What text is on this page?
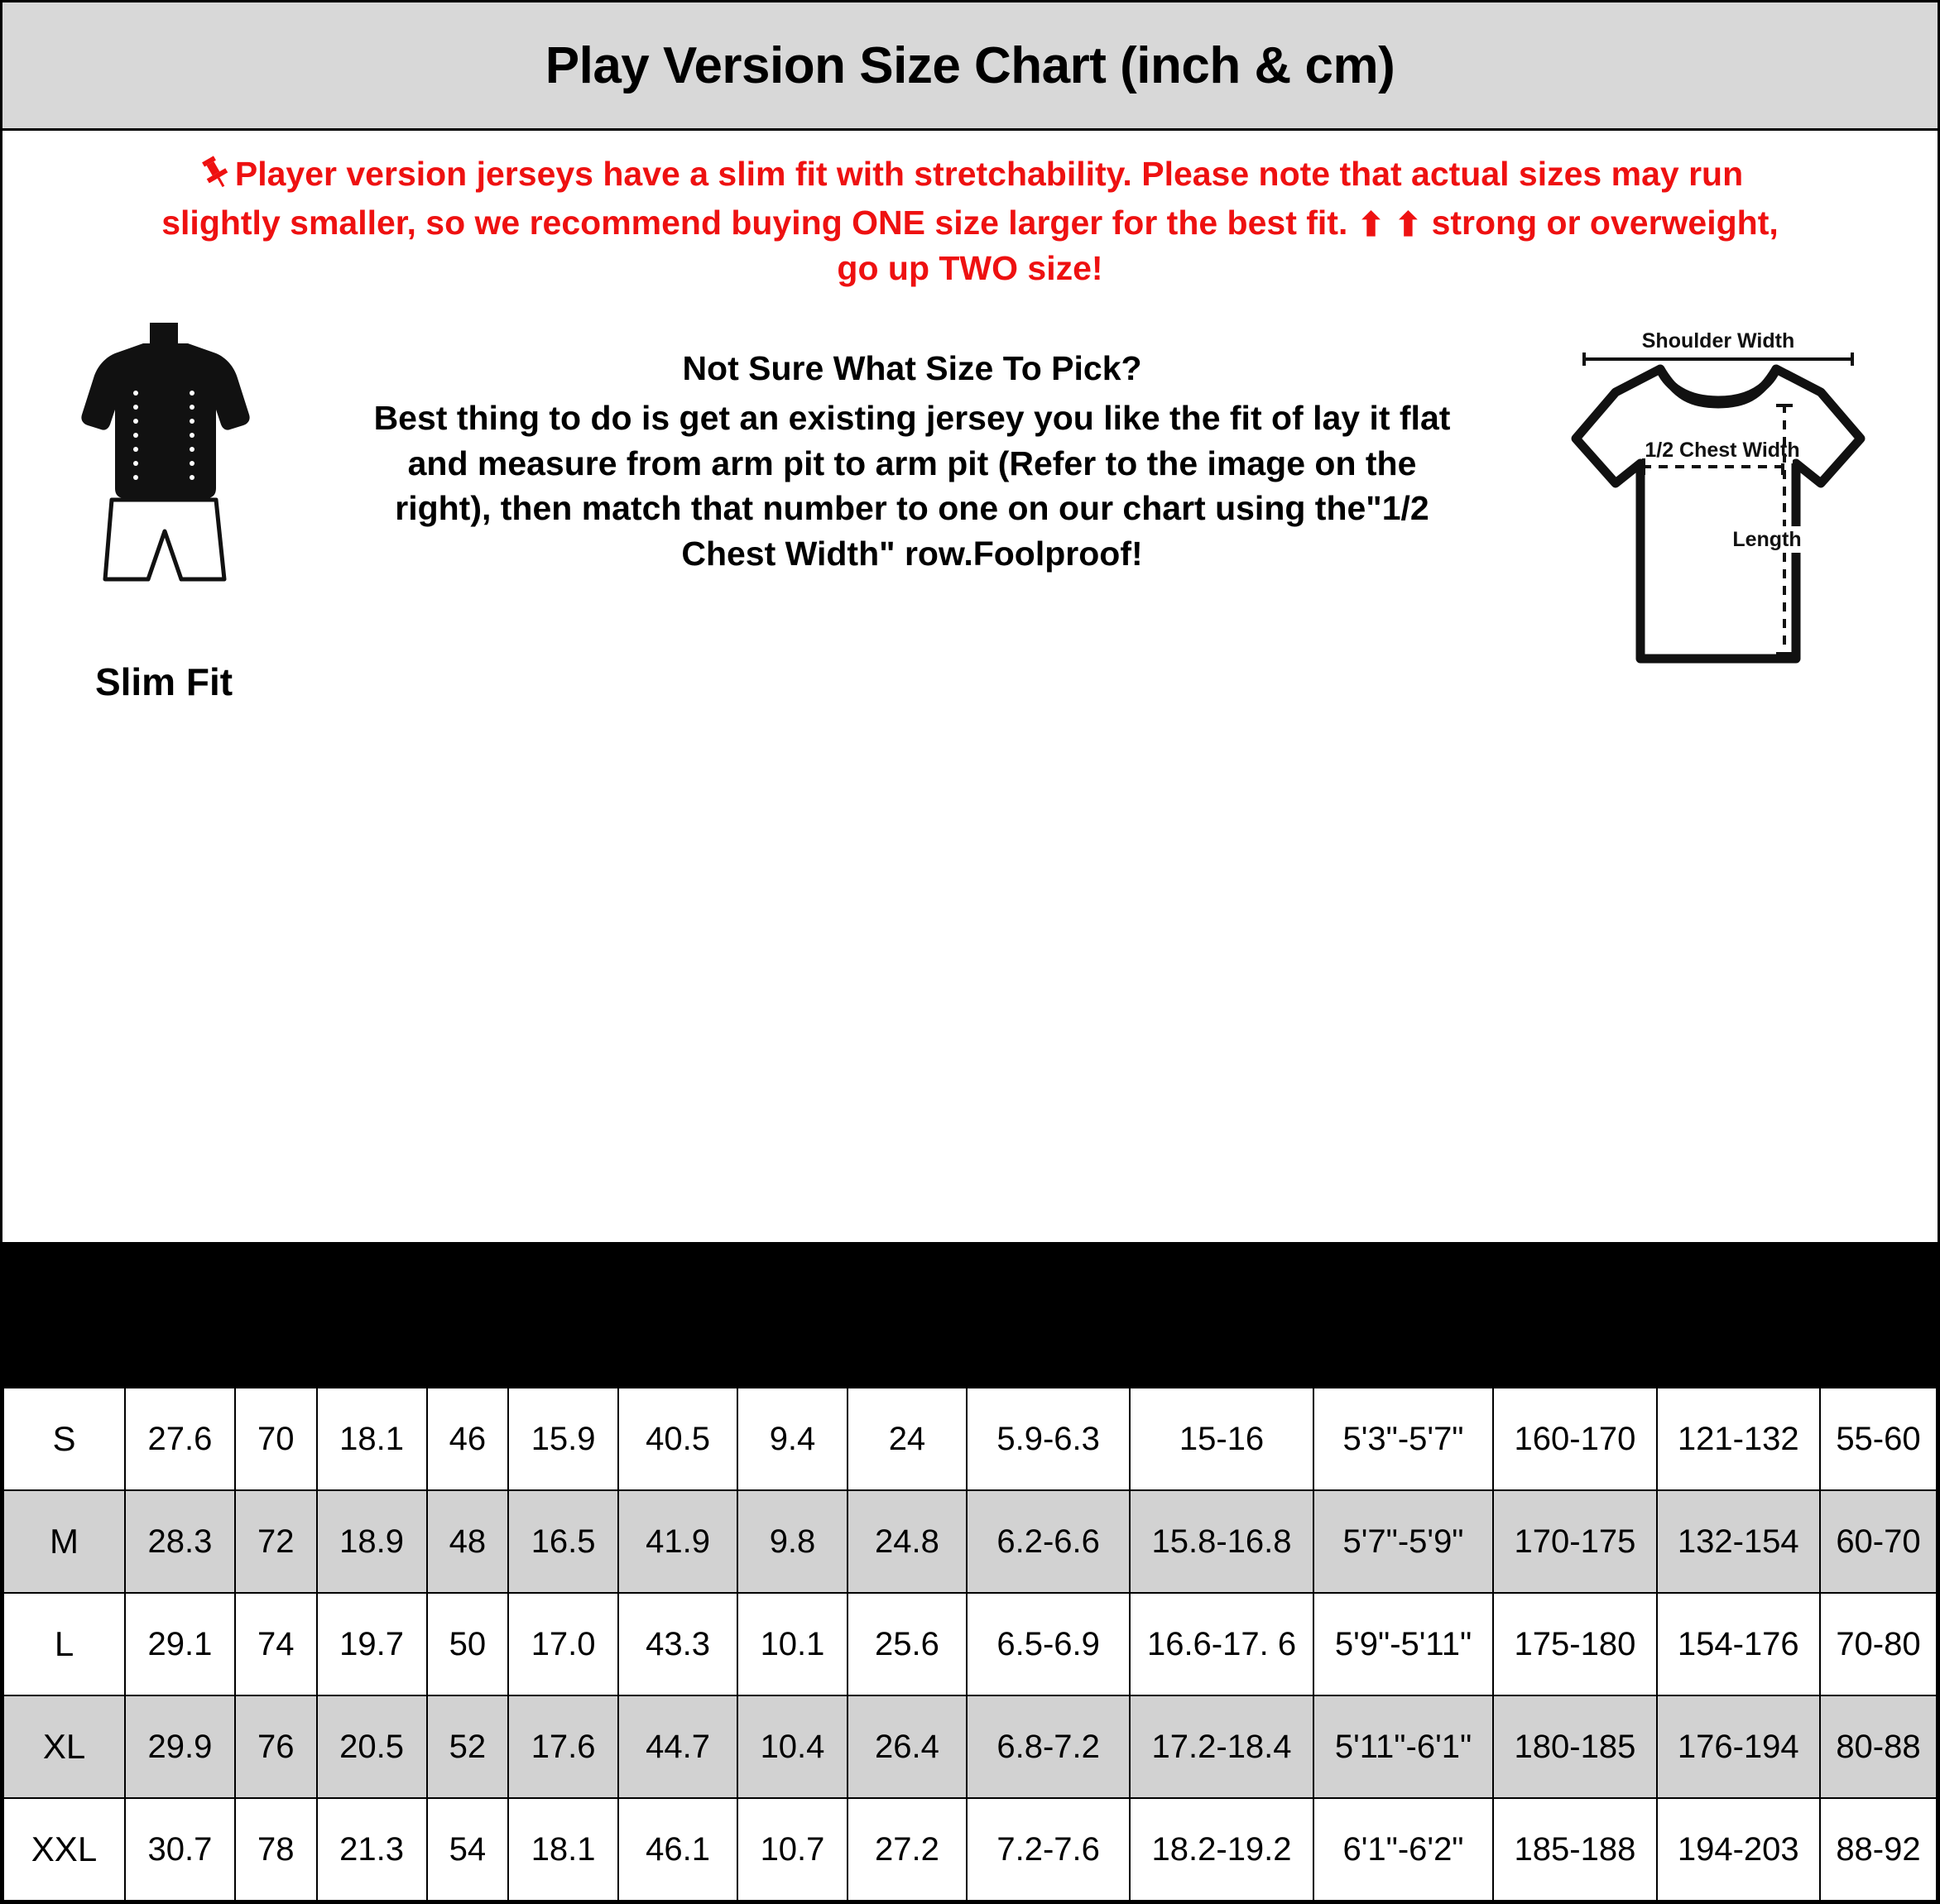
Play Version Size Chart (inch & cm)
Player version jerseys have a slim fit with stretchability. Please note that actual sizes may run
slightly smaller, so we recommend buying ONE size larger for the best fit. ⬆ ⬆ strong or overweight,
go up TWO size!
Slim Fit
Not Sure What Size To Pick?
Best thing to do is get an existing jersey you like the fit of lay it flat and measure from arm pit to arm pit (Refer to the image on the right), then match that number to one on our chart using the"1/2 Chest Width" row.Foolproof!
Shoulder Width
1/2 Chest Width
Length
SIZE	Length		1/2 Chest Width		Shoulder Width		Sleeve Length		Sleeve Opening		Height		Weight	
	inch	cm	inch	cm	inch	cm	inch	cm	inch	cm	inch	cm	Pound	KG
S	27.6	70	18.1	46	15.9	40.5	9.4	24	5.9-6.3	15-16	5'3"-5'7"	160-170	121-132	55-60
M	28.3	72	18.9	48	16.5	41.9	9.8	24.8	6.2-6.6	15.8-16.8	5'7"-5'9"	170-175	132-154	60-70
L	29.1	74	19.7	50	17.0	43.3	10.1	25.6	6.5-6.9	16.6-17. 6	5'9"-5'11"	175-180	154-176	70-80
XL	29.9	76	20.5	52	17.6	44.7	10.4	26.4	6.8-7.2	17.2-18.4	5'11"-6'1"	180-185	176-194	80-88
XXL	30.7	78	21.3	54	18.1	46.1	10.7	27.2	7.2-7.6	18.2-19.2	6'1"-6'2"	185-188	194-203	88-92
